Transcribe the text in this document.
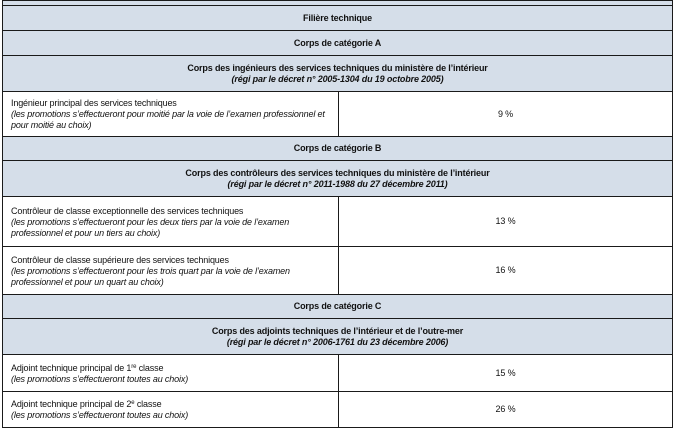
Filière technique	
Corps de catégorie A	

Corps des ingénieurs des services techniques du ministère de l’intérieur
(régi par le décret n° 2005-1304 du 19 octobre 2005)	

Ingénieur principal des services techniques
(les promotions s’effectueront pour moitié par la voie de l’examen professionnel et pour moitié au choix)	9 %
Corps de catégorie B	

Corps des contrôleurs des services techniques du ministère de l’intérieur
(régi par le décret n° 2011-1988 du 27 décembre 2011)	

Contrôleur de classe exceptionnelle des services techniques
(les promotions s’effectueront pour les deux tiers par la voie de l’examen professionnel et pour un tiers au choix)	13 %
Contrôleur de classe supérieure des services techniques
(les promotions s’effectueront pour les trois quart par la voie de l’examen professionnel et pour un quart au choix)	16 %
Corps de catégorie C	

Corps des adjoints techniques de l’intérieur et de l’outre-mer
(régi par le décret n° 2006-1761 du 23 décembre 2006)	

Adjoint technique principal de 1re classe
(les promotions s’effectueront toutes au choix)	15 %
Adjoint technique principal de 2e classe
(les promotions s’effectueront toutes au choix)	26 %
